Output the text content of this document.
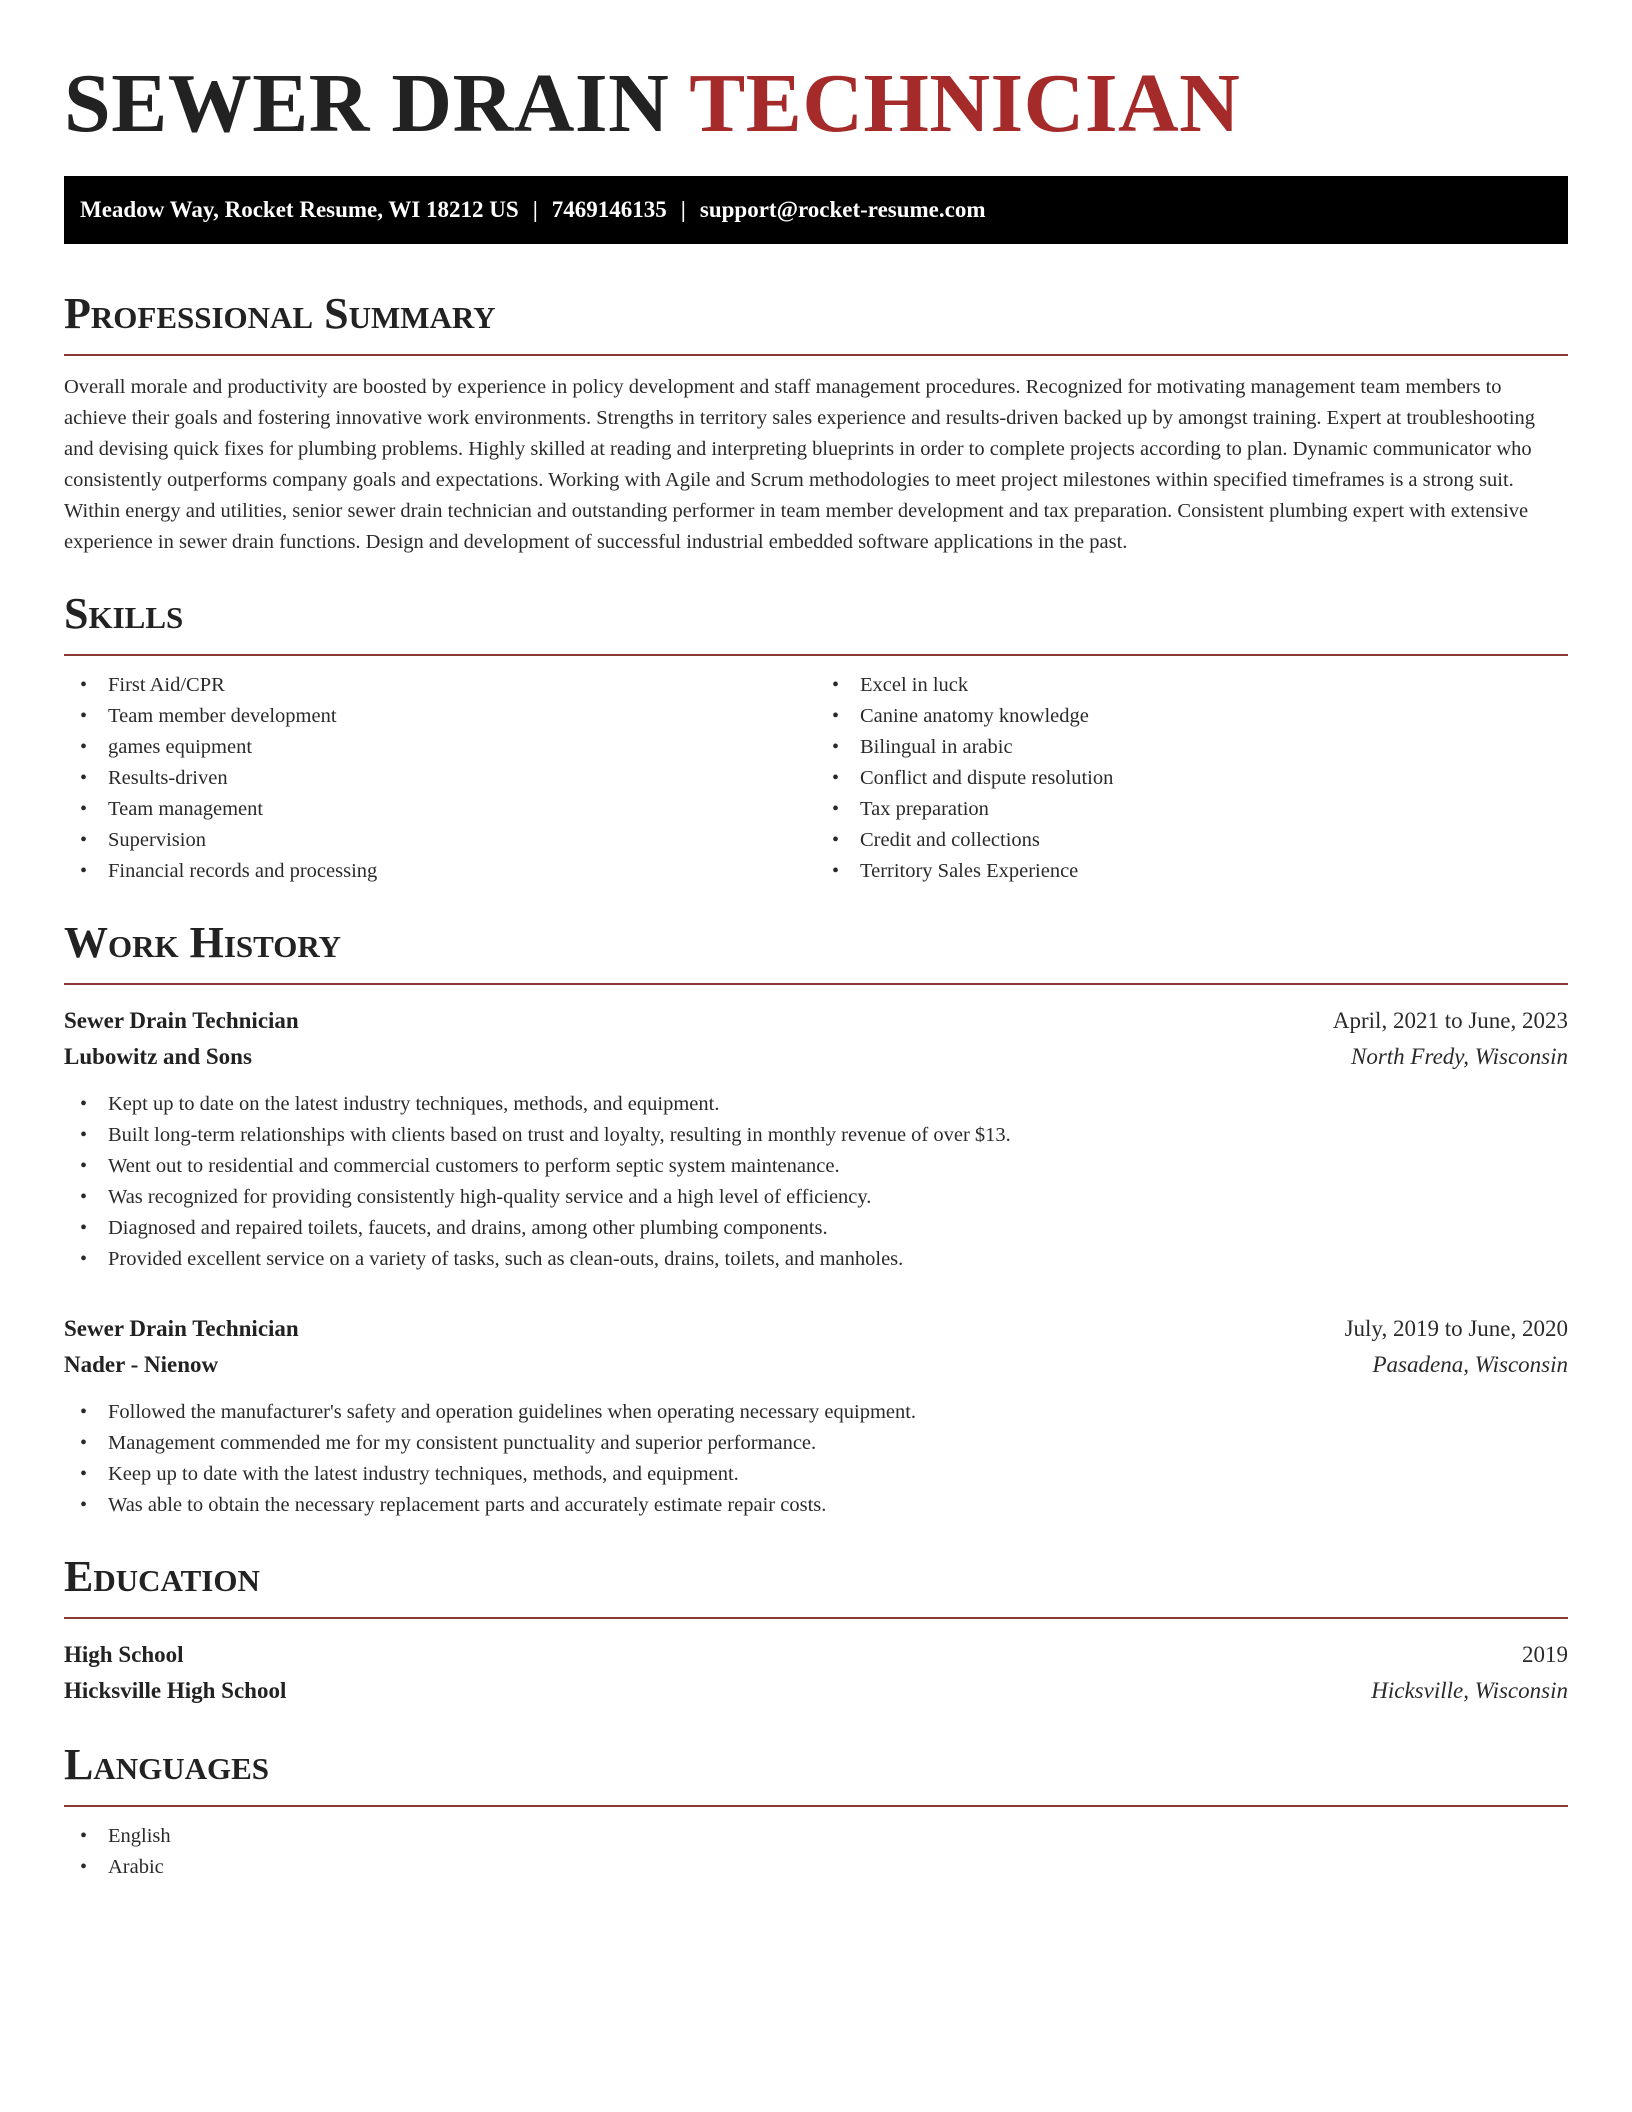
SEWER DRAIN TECHNICIAN
Meadow Way, Rocket Resume, WI 18212 US | 7469146135 | support@rocket-resume.com
Professional Summary

Overall morale and productivity are boosted by experience in policy development and staff management procedures. Recognized for motivating management team members to achieve their goals and fostering innovative work environments. Strengths in territory sales experience and results-driven backed up by amongst training. Expert at troubleshooting and devising quick fixes for plumbing problems. Highly skilled at reading and interpreting blueprints in order to complete projects according to plan. Dynamic communicator who consistently outperforms company goals and expectations. Working with Agile and Scrum methodologies to meet project milestones within specified timeframes is a strong suit. Within energy and utilities, senior sewer drain technician and outstanding performer in team member development and tax preparation. Consistent plumbing expert with extensive experience in sewer drain functions. Design and development of successful industrial embedded software applications in the past.

Skills
• First Aid/CPR
• Team member development
• games equipment
• Results-driven
• Team management
• Supervision
• Financial records and processing
• Excel in luck
• Canine anatomy knowledge
• Bilingual in arabic
• Conflict and dispute resolution
• Tax preparation
• Credit and collections
• Territory Sales Experience
Work History
Sewer Drain Technician	April, 2021 to June, 2023
Lubowitz and Sons	North Fredy, Wisconsin
• Kept up to date on the latest industry techniques, methods, and equipment.
• Built long-term relationships with clients based on trust and loyalty, resulting in monthly revenue of over $13.
• Went out to residential and commercial customers to perform septic system maintenance.
• Was recognized for providing consistently high-quality service and a high level of efficiency.
• Diagnosed and repaired toilets, faucets, and drains, among other plumbing components.
• Provided excellent service on a variety of tasks, such as clean-outs, drains, toilets, and manholes.
Sewer Drain Technician	July, 2019 to June, 2020
Nader - Nienow	Pasadena, Wisconsin
• Followed the manufacturer's safety and operation guidelines when operating necessary equipment.
• Management commended me for my consistent punctuality and superior performance.
• Keep up to date with the latest industry techniques, methods, and equipment.
• Was able to obtain the necessary replacement parts and accurately estimate repair costs.
Education
High School	2019
Hicksville High School	Hicksville, Wisconsin
Languages
• English
• Arabic
